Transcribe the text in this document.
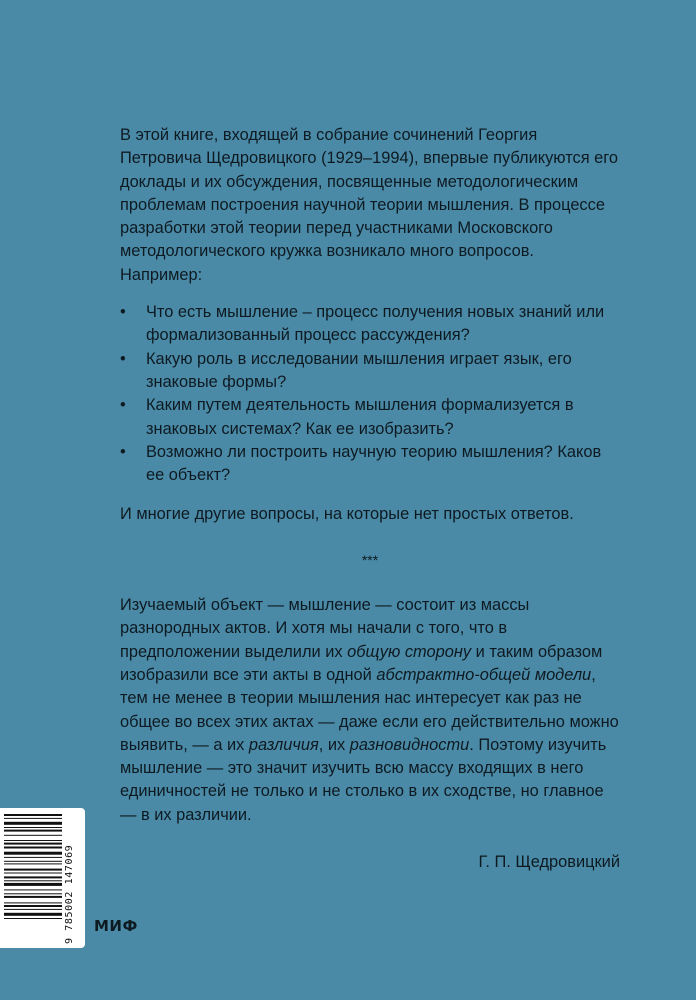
В этой книге, входящей в собрание сочинений Георгия Петровича Щедровицкого (1929–1994), впервые публикуются его доклады и их обсуждения, посвященные методологическим проблемам построения научной теории мышления. В процессе разработки этой теории перед участниками Московского методологического кружка возникало много вопросов. Например:

• Что есть мышление – процесс получения новых знаний или формализованный процесс рассуждения?
• Какую роль в исследовании мышления играет язык, его знаковые формы?
• Каким путем деятельность мышления формализуется в знаковых системах? Как ее изобразить?
• Возможно ли построить научную теорию мышления? Каков ее объект?

И многие другие вопросы, на которые нет простых ответов.

***

Изучаемый объект — мышление — состоит из массы разнородных актов. И хотя мы начали с того, что в предположении выделили их общую сторону и таким образом изобразили все эти акты в одной абстрактно-общей модели, тем не менее в теории мышления нас интересует как раз не общее во всех этих актах — даже если его действительно можно выявить, — а их различия, их разновидности. Поэтому изучить мышление — это значит изучить всю массу входящих в него единичностей не только и не столько в их сходстве, но главное — в их различии.

Г. П. Щедровицкий
9 785002 147069 МИФ
